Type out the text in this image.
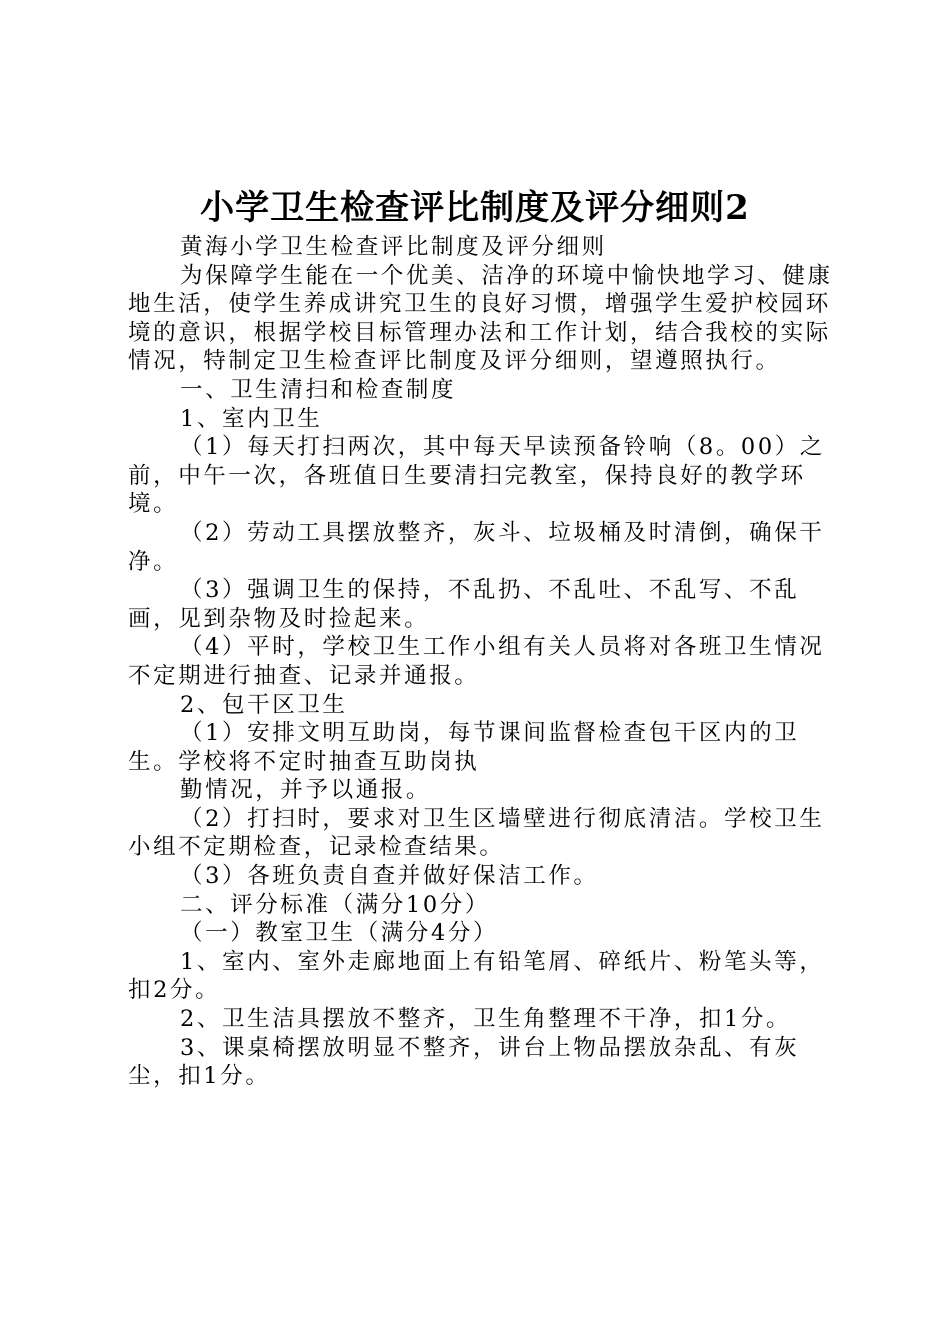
小学卫生检查评比制度及评分细则2

黄海小学卫生检查评比制度及评分细则

为保障学生能在一个优美、洁净的环境中愉快地学习、健康地生活，使学生养成讲究卫生的良好习惯，增强学生爱护校园环境的意识，根据学校目标管理办法和工作计划，结合我校的实际情况，特制定卫生检查评比制度及评分细则，望遵照执行。

一、卫生清扫和检查制度

1、室内卫生

（1）每天打扫两次，其中每天早读预备铃响（8。00）之前，中午一次，各班值日生要清扫完教室，保持良好的教学环境。

（2）劳动工具摆放整齐，灰斗、垃圾桶及时清倒，确保干净。

（3）强调卫生的保持，不乱扔、不乱吐、不乱写、不乱画，见到杂物及时捡起来。

（4）平时，学校卫生工作小组有关人员将对各班卫生情况不定期进行抽查、记录并通报。

2、包干区卫生

（1）安排文明互助岗，每节课间监督检查包干区内的卫生。学校将不定时抽查互助岗执

勤情况，并予以通报。

（2）打扫时，要求对卫生区墙壁进行彻底清洁。学校卫生小组不定期检查，记录检查结果。

（3）各班负责自查并做好保洁工作。

二、评分标准（满分10分）

（一）教室卫生（满分4分）

1、室内、室外走廊地面上有铅笔屑、碎纸片、粉笔头等，扣2分。

2、卫生洁具摆放不整齐，卫生角整理不干净，扣1分。

3、课桌椅摆放明显不整齐，讲台上物品摆放杂乱、有灰尘，扣1分。
